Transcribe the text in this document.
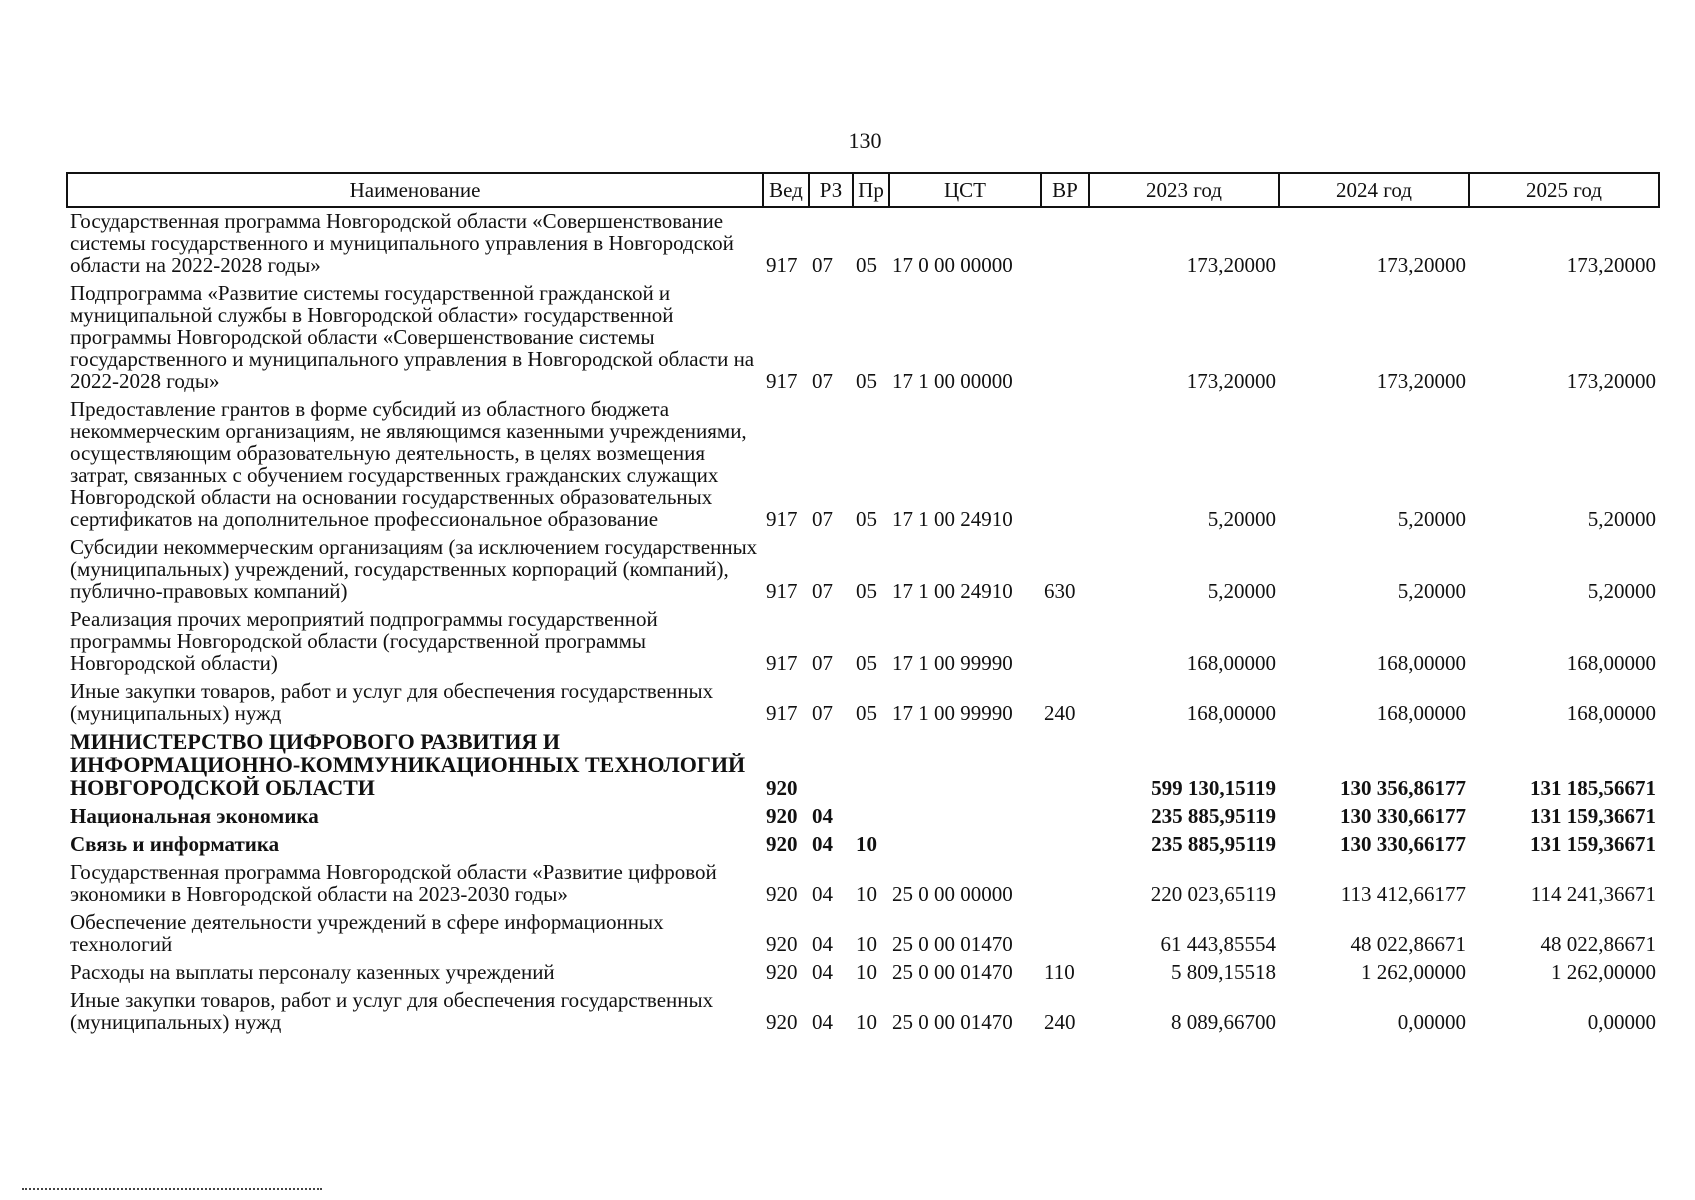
130
Наименование	Вед	РЗ	Пр	ЦСТ	ВР	2023 год	2024 год	2025 год
Государственная программа Новгородской области «Совершенствование системы государственного и муниципального управления в Новгородской области на 2022-2028 годы»	917	07	05	17 0 00 00000		173,20000	173,20000	173,20000
Подпрограмма «Развитие системы государственной гражданской и муниципальной службы в Новгородской области» государственной программы Новгородской области «Совершенствование системы государственного и муниципального управления в Новгородской области на 2022-2028 годы»	917	07	05	17 1 00 00000		173,20000	173,20000	173,20000
Предоставление грантов в форме субсидий из областного бюджета некоммерческим организациям, не являющимся казенными учреждениями, осуществляющим образовательную деятельность, в целях возмещения затрат, связанных с обучением государственных гражданских служащих Новгородской области на основании государственных образовательных сертификатов на дополнительное профессиональное образование	917	07	05	17 1 00 24910		5,20000	5,20000	5,20000
Субсидии некоммерческим организациям (за исключением государственных (муниципальных) учреждений, государственных корпораций (компаний), публично-правовых компаний)	917	07	05	17 1 00 24910	630	5,20000	5,20000	5,20000
Реализация прочих мероприятий подпрограммы государственной программы Новгородской области (государственной программы Новгородской области)	917	07	05	17 1 00 99990		168,00000	168,00000	168,00000
Иные закупки товаров, работ и услуг для обеспечения государственных (муниципальных) нужд	917	07	05	17 1 00 99990	240	168,00000	168,00000	168,00000
МИНИСТЕРСТВО ЦИФРОВОГО РАЗВИТИЯ И ИНФОРМАЦИОННО-КОММУНИКАЦИОННЫХ ТЕХНОЛОГИЙ НОВГОРОДСКОЙ ОБЛАСТИ	920					599 130,15119	130 356,86177	131 185,56671
Национальная экономика	920	04				235 885,95119	130 330,66177	131 159,36671
Связь и информатика	920	04	10			235 885,95119	130 330,66177	131 159,36671
Государственная программа Новгородской области «Развитие цифровой экономики в Новгородской области на 2023-2030 годы»	920	04	10	25 0 00 00000		220 023,65119	113 412,66177	114 241,36671
Обеспечение деятельности учреждений в сфере информационных технологий	920	04	10	25 0 00 01470		61 443,85554	48 022,86671	48 022,86671
Расходы на выплаты персоналу казенных учреждений	920	04	10	25 0 00 01470	110	5 809,15518	1 262,00000	1 262,00000
Иные закупки товаров, работ и услуг для обеспечения государственных (муниципальных) нужд	920	04	10	25 0 00 01470	240	8 089,66700	0,00000	0,00000
